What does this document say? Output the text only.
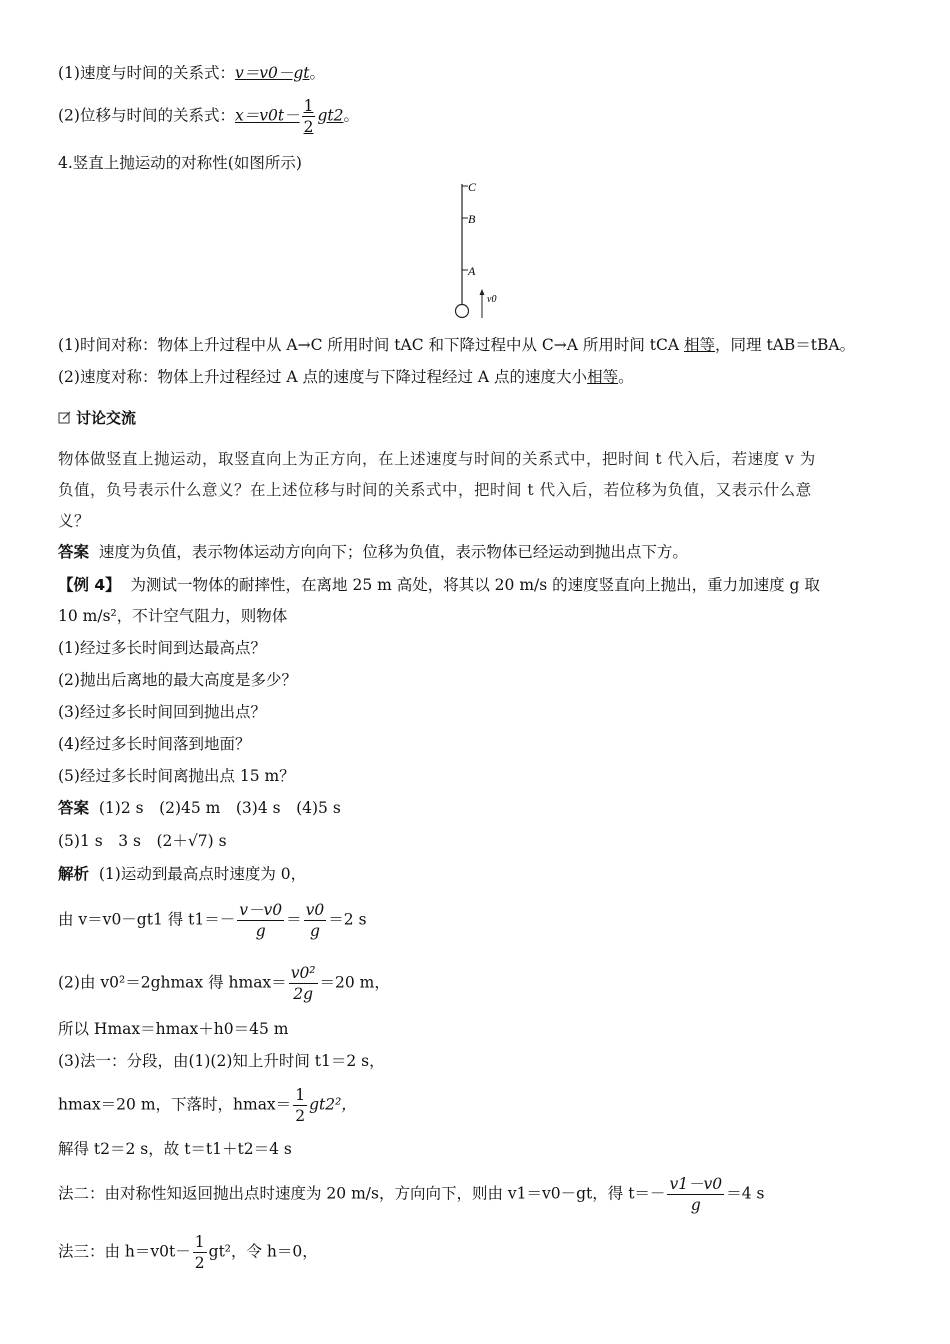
(1)速度与时间的关系式：v＝v0－gt。
(2)位移与时间的关系式：$x=v0t- \frac{1}{2} gt2$。
4.竖直上抛运动的对称性(如图所示)
C
B
A
v0
(1)时间对称：物体上升过程中从 A→C 所用时间 tAC 和下降过程中从 C→A 所用时间 tCA 相等，同理 tAB＝tBA。
(2)速度对称：物体上升过程经过 A 点的速度与下降过程经过 A 点的速度大小相等。
讨论交流
物体做竖直上抛运动，取竖直向上为正方向，在上述速度与时间的关系式中，把时间 t 代入后，若速度 v 为
负值，负号表示什么意义？在上述位移与时间的关系式中，把时间 t 代入后，若位移为负值，又表示什么意
义？
答案 速度为负值，表示物体运动方向向下；位移为负值，表示物体已经运动到抛出点下方。
【例 4】 为测试一物体的耐摔性，在离地 25 m 高处，将其以 20 m/s 的速度竖直向上抛出，重力加速度 g 取
10 m/s²，不计空气阻力，则物体
(1)经过多长时间到达最高点？
(2)抛出后离地的最大高度是多少？
(3)经过多长时间回到抛出点？
(4)经过多长时间落到地面？
(5)经过多长时间离抛出点 15 m？
答案 (1)2 s　(2)45 m　(3)4 s　(4)5 s
(5)1 s　3 s　(2＋√7) s
解析 (1)运动到最高点时速度为 0，
由 v＝v0－gt1 得 $t1=- \frac{v-v0}{g} = \frac{v0}{g} =2$ s
(2)由 v0²＝2ghmax 得 $hmax= \frac{\text{v0²}}{2g} =20$ m，
所以 Hmax＝hmax＋h0＝45 m
(3)法一：分段，由(1)(2)知上升时间 t1＝2 s，
hmax＝20 m，下落时，$hmax= \frac{1}{2} gt2^2$，
解得 t2＝2 s，故 t＝t1＋t2＝4 s
法二：由对称性知返回抛出点时速度为 20 m/s，方向向下，则由 v1＝v0－gt，得 $t=- \frac{v1-v0}{g} =4$ s
法三：由 $h=v0t- \frac{1}{2} gt^2$，令 h＝0，
